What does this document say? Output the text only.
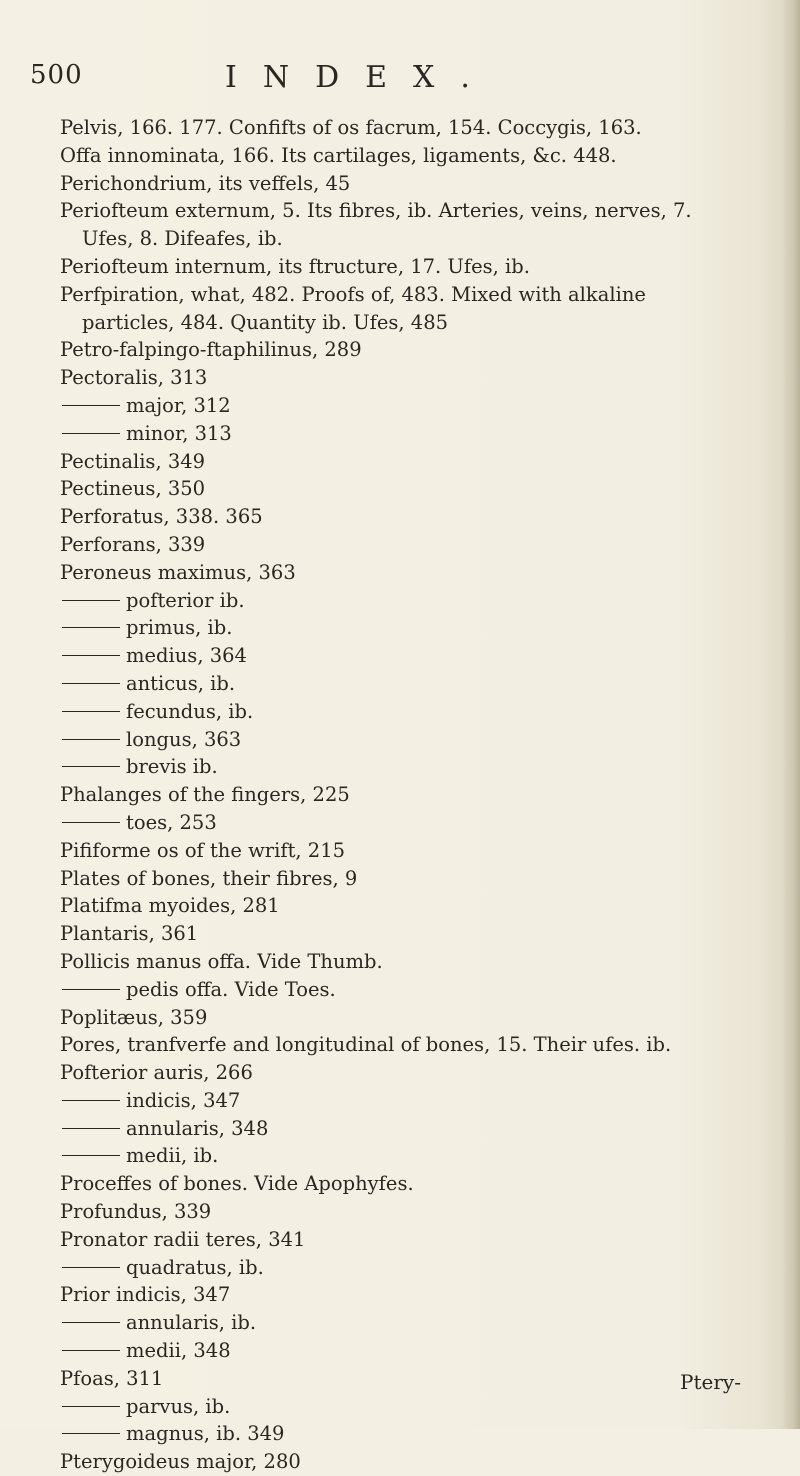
500	INDEX.
Pelvis, 166. 177. Confifts of os facrum, 154. Coccygis, 163.
Offa innominata, 166. Its cartilages, ligaments, &c. 448.
Perichondrium, its veffels, 45
Periofteum externum, 5. Its fibres, ib. Arteries, veins, nerves, 7.
Ufes, 8. Difeafes, ib.
Periofteum internum, its ftructure, 17. Ufes, ib.
Perfpiration, what, 482. Proofs of, 483. Mixed with alkaline
particles, 484. Quantity ib. Ufes, 485
Petro-falpingo-ftaphilinus, 289
Pectoralis, 313
major, 312
minor, 313
Pectinalis, 349
Pectineus, 350
Perforatus, 338. 365
Perforans, 339
Peroneus maximus, 363
pofterior ib.
primus, ib.
medius, 364
anticus, ib.
fecundus, ib.
longus, 363
brevis ib.
Phalanges of the fingers, 225
toes, 253
Pififorme os of the wrift, 215
Plates of bones, their fibres, 9
Platifma myoides, 281
Plantaris, 361
Pollicis manus offa. Vide Thumb.
pedis offa. Vide Toes.
Poplitæus, 359
Pores, tranfverfe and longitudinal of bones, 15. Their ufes. ib.
Pofterior auris, 266
indicis, 347
annularis, 348
medii, ib.
Proceffes of bones. Vide Apophyfes.
Profundus, 339
Pronator radii teres, 341
quadratus, ib.
Prior indicis, 347
annularis, ib.
medii, 348
Pfoas, 311
parvus, ib.
magnus, ib. 349
Pterygoideus major, 280
Ptery-
